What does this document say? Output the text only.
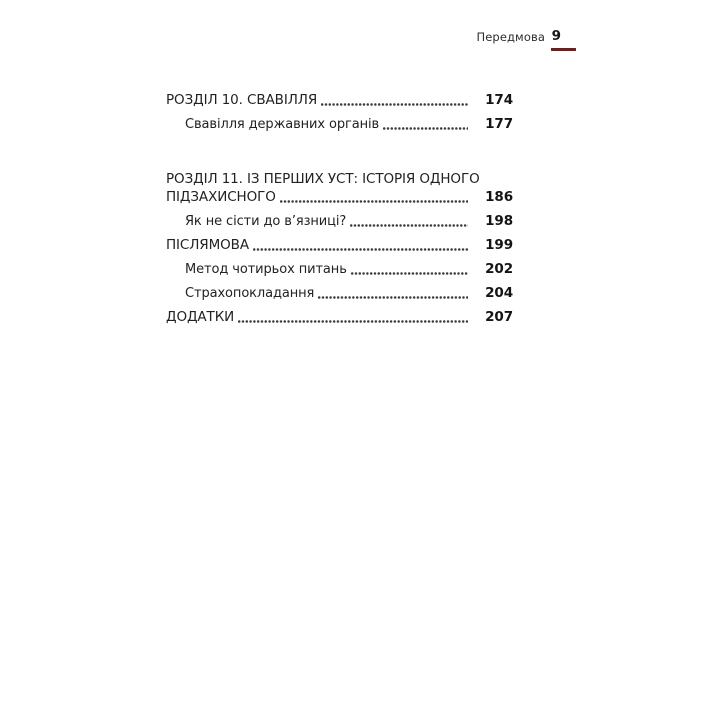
Передмова 9
РОЗДІЛ 10. СВАВІЛЛЯ	174
Свавілля державних органів	177
РОЗДІЛ 11. ІЗ ПЕРШИХ УСТ: ІСТОРІЯ ОДНОГО
ПІДЗАХИСНОГО	186
Як не сісти до в’язниці?	198
ПІСЛЯМОВА	199
Метод чотирьох питань	202
Страхопокладання	204
ДОДАТКИ	207
